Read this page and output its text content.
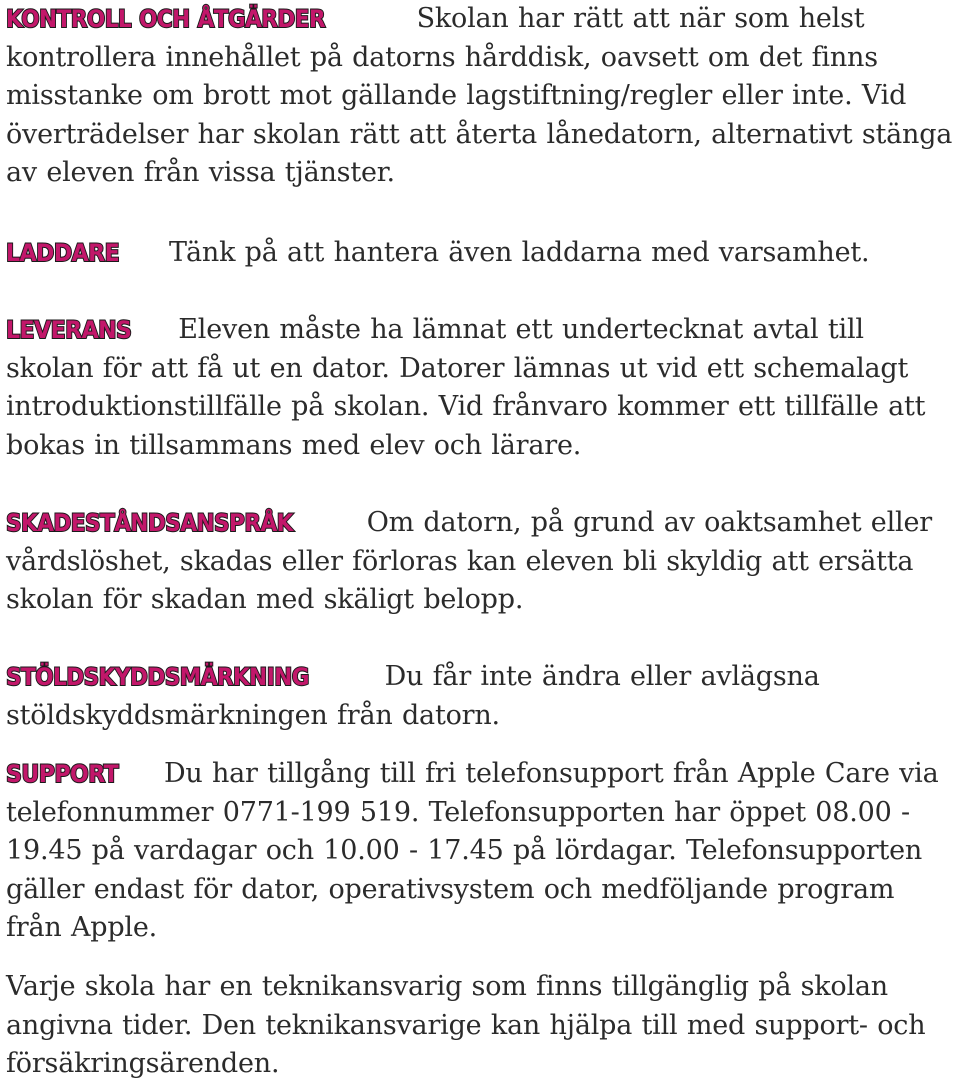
KONTROLL OCH ÅTGÄRDER	Skolan har rätt att när som helst kontrollera innehållet på datorns hårddisk, oavsett om det finns misstanke om brott mot gällande lagstiftning/regler eller inte. Vid överträdelser har skolan rätt att återta lånedatorn, alternativt stänga av eleven från vissa tjänster.

LADDARE Tänk på att hantera även laddarna med varsamhet.

LEVERANS Eleven måste ha lämnat ett undertecknat avtal till skolan för att få ut en dator. Datorer lämnas ut vid ett schemalagt introduktionstillfälle på skolan. Vid frånvaro kommer ett tillfälle att bokas in tillsammans med elev och lärare.

SKADESTÅNDSANSPRÅK	Om datorn, på grund av oaktsamhet eller vårdslöshet, skadas eller förloras kan eleven bli skyldig att ersätta skolan för skadan med skäligt belopp.

STÖLDSKYDDSMÄRKNING	Du får inte ändra eller avlägsna stöldskyddsmärkningen från datorn.

SUPPORT Du har tillgång till fri telefonsupport från Apple Care via telefonnummer 0771-199 519. Telefonsupporten har öppet 08.00 - 19.45 på vardagar och 10.00 - 17.45 på lördagar. Telefonsupporten gäller endast för dator, operativsystem och medföljande program från Apple.

Varje skola har en teknikansvarig som finns tillgänglig på skolan angivna tider. Den teknikansvarige kan hjälpa till med support- och försäkringsärenden.
